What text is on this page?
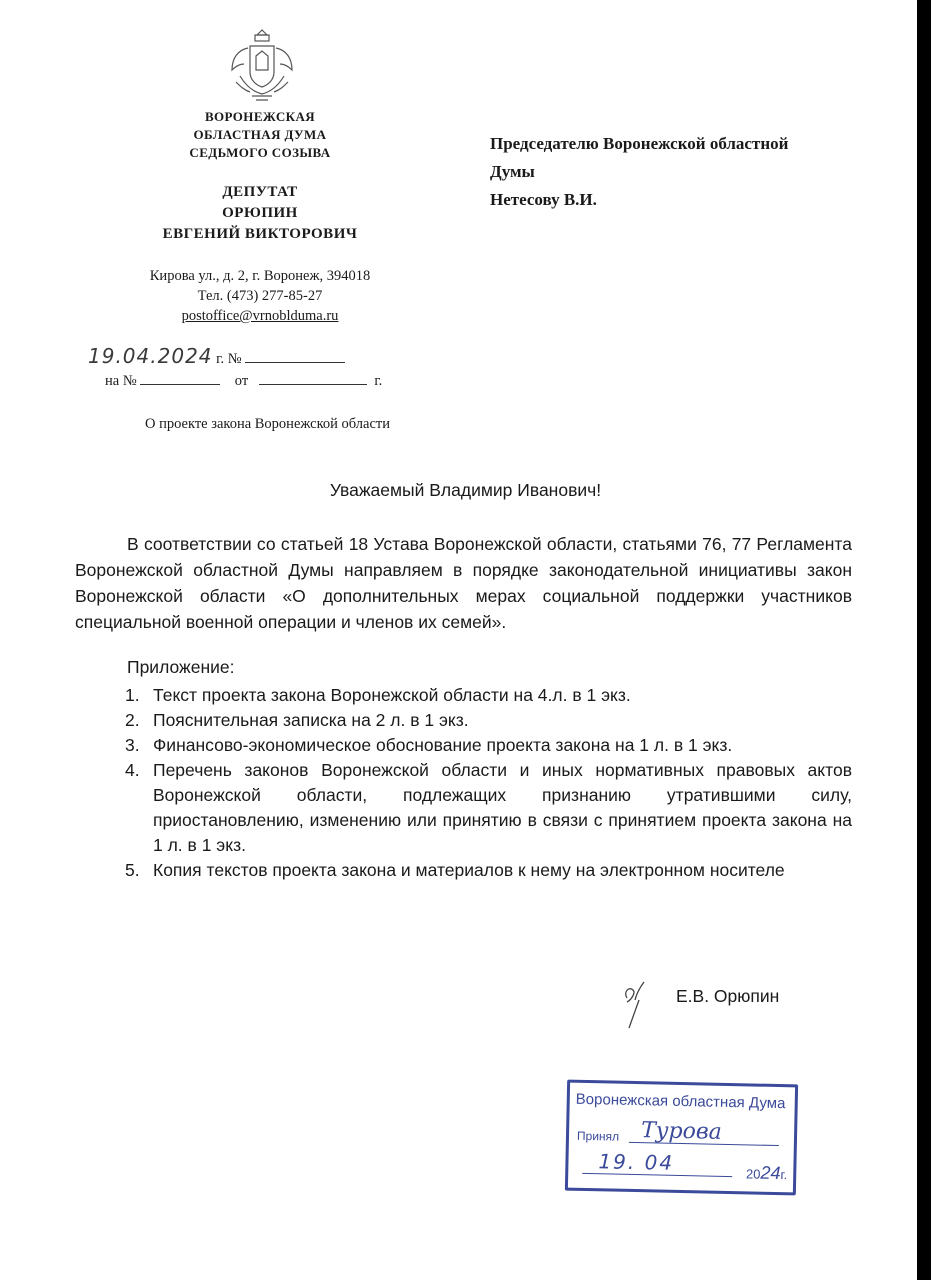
ВОРОНЕЖСКАЯ
ОБЛАСТНАЯ ДУМА
СЕДЬМОГО СОЗЫВА
ДЕПУТАТ
ОРЮПИН
ЕВГЕНИЙ ВИКТОРОВИЧ
Кирова ул., д. 2, г. Воронеж, 394018
Тел. (473) 277-85-27
postoffice@vrnoblduma.ru
Председателю Воронежской областной
Думы
Нетесову В.И.
19.04.2024 г. №
на №	от	г.
О проекте закона Воронежской области
Уважаемый Владимир Иванович!
В соответствии со статьей 18 Устава Воронежской области, статьями 76, 77 Регламента Воронежской областной Думы направляем в порядке законодательной инициативы закон Воронежской области «О дополнительных мерах социальной поддержки участников специальной военной операции и членов их семей».
Приложение:
1. Текст проекта закона Воронежской области на 4.л. в 1 экз.
2. Пояснительная записка на 2 л. в 1 экз.
3. Финансово-экономическое обоснование проекта закона на 1 л. в 1 экз.
4. Перечень законов Воронежской области и иных нормативных правовых актов Воронежской области, подлежащих признанию утратившими силу, приостановлению, изменению или принятию в связи с принятием проекта закона на 1 л. в 1 экз.
5. Копия текстов проекта закона и материалов к нему на электронном носителе
Е.В. Орюпин
Воронежская областная Дума
Принял Турова
19. 04	2024г.
